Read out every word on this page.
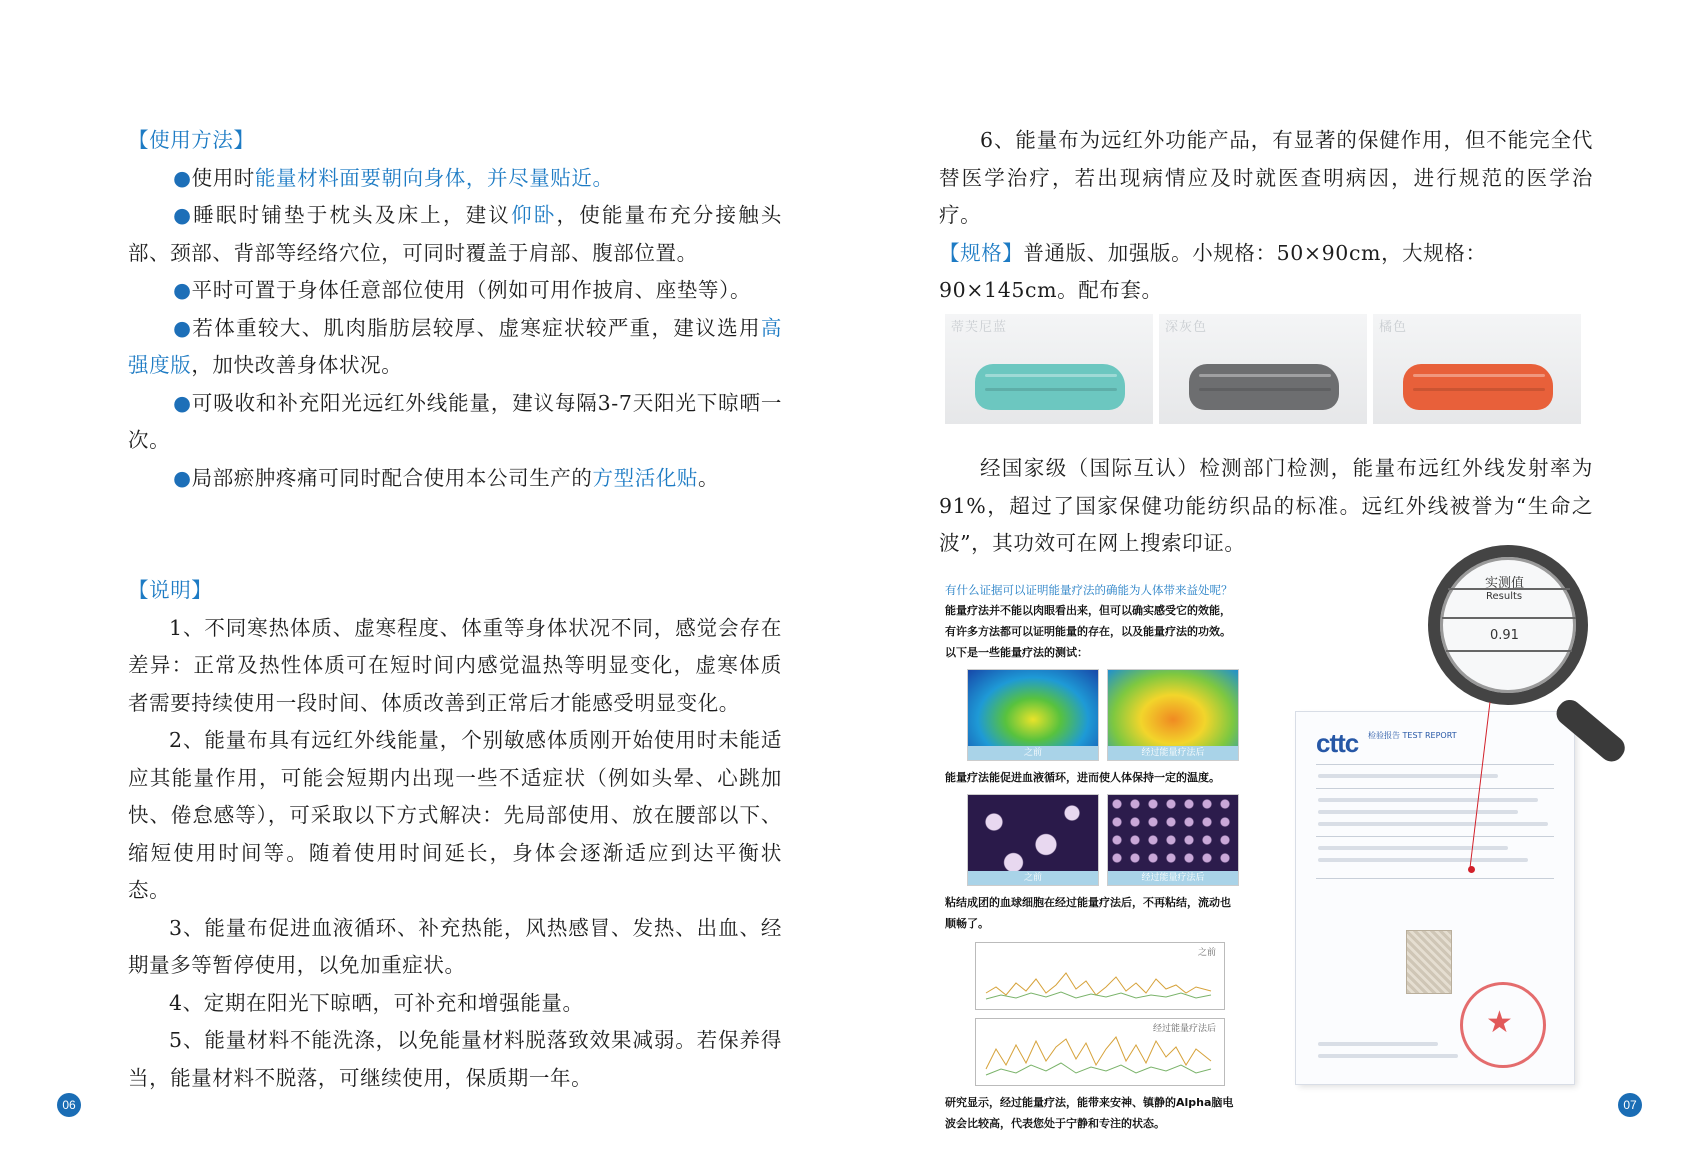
【使用方法】
●使用时能量材料面要朝向身体，并尽量贴近。
●睡眠时铺垫于枕头及床上，建议仰卧，使能量布充分接触头部、颈部、背部等经络穴位，可同时覆盖于肩部、腹部位置。
●平时可置于身体任意部位使用（例如可用作披肩、座垫等）。
●若体重较大、肌肉脂肪层较厚、虚寒症状较严重，建议选用高强度版，加快改善身体状况。
●可吸收和补充阳光远红外线能量，建议每隔3-7天阳光下晾晒一次。
●局部瘀肿疼痛可同时配合使用本公司生产的方型活化贴。
【说明】
1、不同寒热体质、虚寒程度、体重等身体状况不同，感觉会存在差异：正常及热性体质可在短时间内感觉温热等明显变化，虚寒体质者需要持续使用一段时间、体质改善到正常后才能感受明显变化。
2、能量布具有远红外线能量，个别敏感体质刚开始使用时未能适应其能量作用，可能会短期内出现一些不适症状（例如头晕、心跳加快、倦怠感等），可采取以下方式解决：先局部使用、放在腰部以下、缩短使用时间等。随着使用时间延长，身体会逐渐适应到达平衡状态。
3、能量布促进血液循环、补充热能，风热感冒、发热、出血、经期量多等暂停使用，以免加重症状。
4、定期在阳光下晾晒，可补充和增强能量。
5、能量材料不能洗涤，以免能量材料脱落致效果减弱。若保养得当，能量材料不脱落，可继续使用，保质期一年。
06
6、能量布为远红外功能产品，有显著的保健作用，但不能完全代替医学治疗，若出现病情应及时就医查明病因，进行规范的医学治疗。
【规格】普通版、加强版。小规格：50×90cm，大规格：90×145cm。配布套。
蒂芙尼蓝	深灰色	橘色
经国家级（国际互认）检测部门检测，能量布远红外线发射率为91%，超过了国家保健功能纺织品的标准。远红外线被誉为“生命之波”，其功效可在网上搜索印证。
有什么证据可以证明能量疗法的确能为人体带来益处呢？
能量疗法并不能以肉眼看出来，但可以确实感受它的效能，
有许多方法都可以证明能量的存在，以及能量疗法的功效。
以下是一些能量疗法的测试：
之前	经过能量疗法后
能量疗法能促进血液循环，进而使人体保持一定的温度。
之前	经过能量疗法后
粘结成团的血球细胞在经过能量疗法后，不再粘结，流动也
顺畅了。
之前
经过能量疗法后
研究显示，经过能量疗法，能带来安神、镇静的Alpha脑电
波会比较高，代表您处于宁静和专注的状态。
cttc 检验报告 TEST REPORT
★
实测值
Results
0.91
07
